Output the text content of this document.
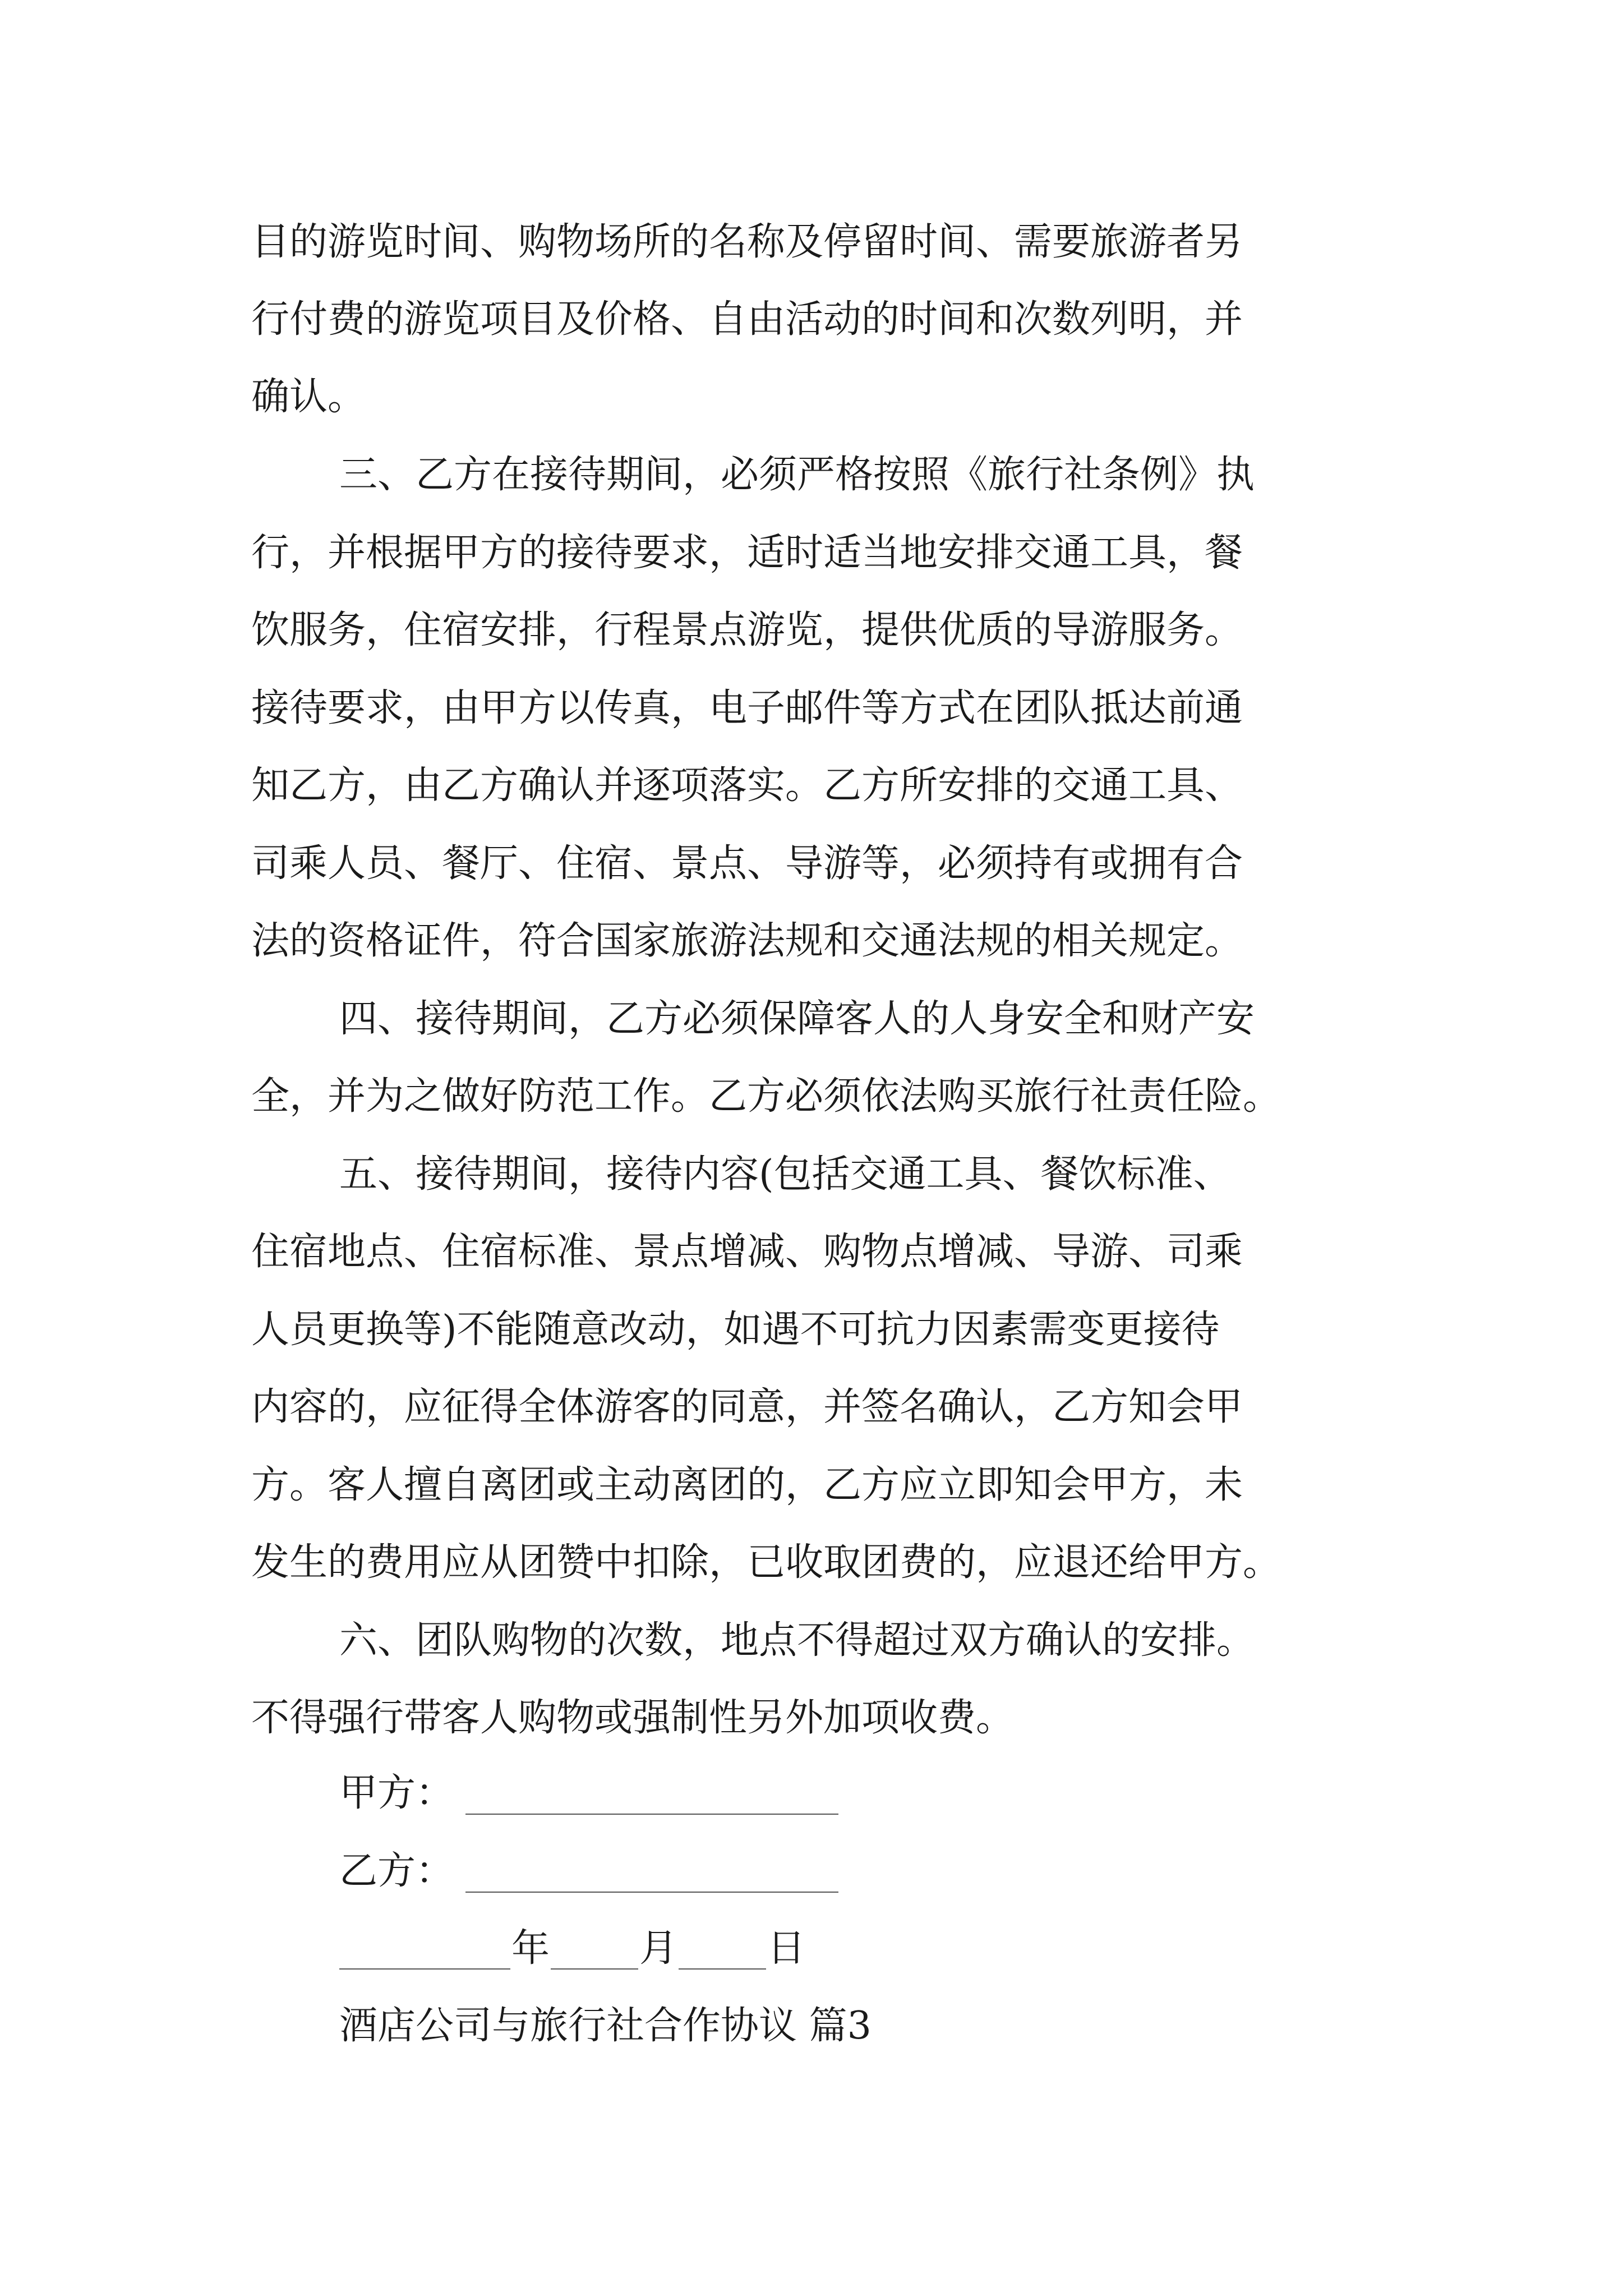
目的游览时间、购物场所的名称及停留时间、需要旅游者另
行付费的游览项目及价格、自由活动的时间和次数列明，并
确认。
三、乙方在接待期间，必须严格按照《旅行社条例》执
行，并根据甲方的接待要求，适时适当地安排交通工具，餐
饮服务，住宿安排，行程景点游览，提供优质的导游服务。
接待要求，由甲方以传真，电子邮件等方式在团队抵达前通
知乙方，由乙方确认并逐项落实。乙方所安排的交通工具、
司乘人员、餐厅、住宿、景点、导游等，必须持有或拥有合
法的资格证件，符合国家旅游法规和交通法规的相关规定。
四、接待期间，乙方必须保障客人的人身安全和财产安
全，并为之做好防范工作。乙方必须依法购买旅行社责任险。
五、接待期间，接待内容(包括交通工具、餐饮标准、
住宿地点、住宿标准、景点增减、购物点增减、导游、司乘
人员更换等)不能随意改动，如遇不可抗力因素需变更接待
内容的，应征得全体游客的同意，并签名确认，乙方知会甲
方。客人擅自离团或主动离团的，乙方应立即知会甲方，未
发生的费用应从团赞中扣除，已收取团费的，应退还给甲方。
六、团队购物的次数，地点不得超过双方确认的安排。
不得强行带客人购物或强制性另外加项收费。
甲方：
乙方：
年 月 日
酒店公司与旅行社合作协议 篇3
